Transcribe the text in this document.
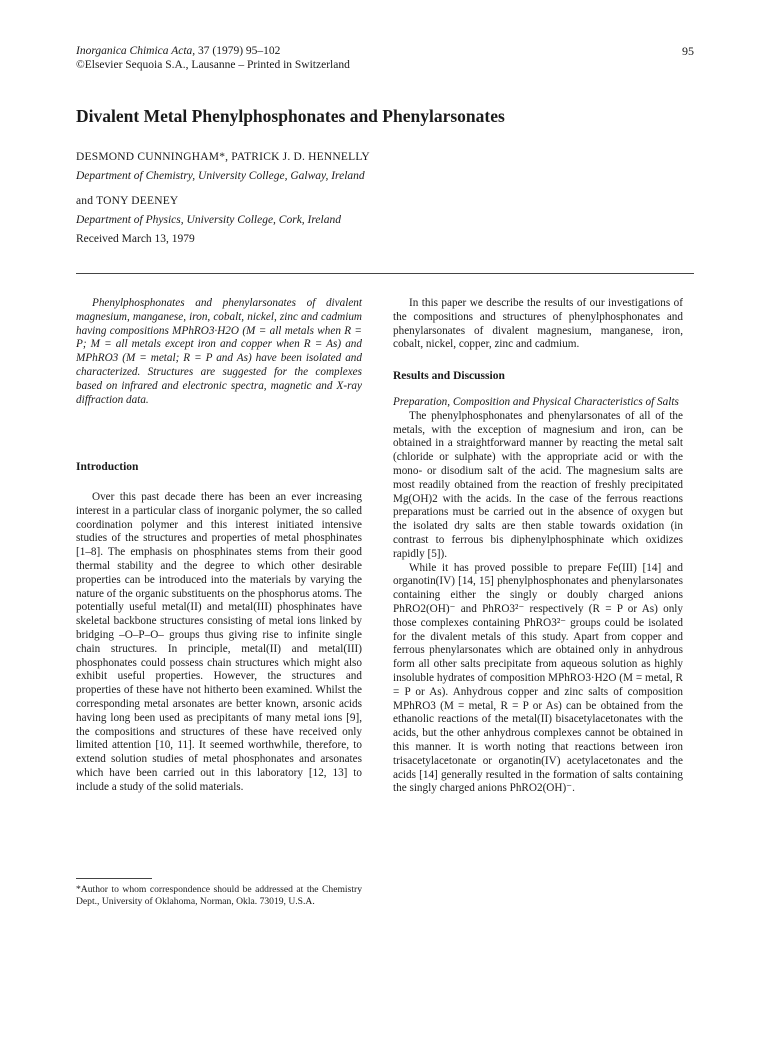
Inorganica Chimica Acta, 37 (1979) 95–102
©Elsevier Sequoia S.A., Lausanne – Printed in Switzerland
95
Divalent Metal Phenylphosphonates and Phenylarsonates
DESMOND CUNNINGHAM*, PATRICK J. D. HENNELLY
Department of Chemistry, University College, Galway, Ireland
and TONY DEENEY
Department of Physics, University College, Cork, Ireland
Received March 13, 1979

Phenylphosphonates and phenylarsonates of divalent magnesium, manganese, iron, cobalt, nickel, zinc and cadmium having compositions MPhRO3·H2O (M = all metals when R = P; M = all metals except iron and copper when R = As) and MPhRO3 (M = metal; R = P and As) have been isolated and characterized. Structures are suggested for the complexes based on infrared and electronic spectra, magnetic and X-ray diffraction data.

Introduction

Over this past decade there has been an ever increasing interest in a particular class of inorganic polymer, the so called coordination polymer and this interest initiated intensive studies of the structures and properties of metal phosphinates [1–8]. The emphasis on phosphinates stems from their good thermal stability and the degree to which other desirable properties can be introduced into the materials by varying the nature of the organic substituents on the phosphorus atoms. The potentially useful metal(II) and metal(III) phosphinates have skeletal backbone structures consisting of metal ions linked by bridging –O–P–O– groups thus giving rise to infinite single chain structures. In principle, metal(II) and metal(III) phosphonates could possess chain structures which might also exhibit useful properties. However, the structures and properties of these have not hitherto been examined. Whilst the corresponding metal arsonates are better known, arsonic acids having long been used as precipitants of many metal ions [9], the compositions and structures of these have received only limited attention [10, 11]. It seemed worthwhile, therefore, to extend solution studies of metal phosphonates and arsonates which have been carried out in this laboratory [12, 13] to include a study of the solid materials.

*Author to whom correspondence should be addressed at the Chemistry Dept., University of Oklahoma, Norman, Okla. 73019, U.S.A.

In this paper we describe the results of our investigations of the compositions and structures of phenylphosphonates and phenylarsonates of divalent magnesium, manganese, iron, cobalt, nickel, copper, zinc and cadmium.

Results and Discussion
Preparation, Composition and Physical Characteristics of Salts

The phenylphosphonates and phenylarsonates of all of the metals, with the exception of magnesium and iron, can be obtained in a straightforward manner by reacting the metal salt (chloride or sulphate) with the appropriate acid or with the mono- or disodium salt of the acid. The magnesium salts are most readily obtained from the reaction of freshly precipitated Mg(OH)2 with the acids. In the case of the ferrous reactions preparations must be carried out in the absence of oxygen but the isolated dry salts are then stable towards oxidation (in contrast to ferrous bis diphenylphosphinate which oxidizes rapidly [5]).

While it has proved possible to prepare Fe(III) [14] and organotin(IV) [14, 15] phenylphosphonates and phenylarsonates containing either the singly or doubly charged anions PhRO2(OH)⁻ and PhRO3²⁻ respectively (R = P or As) only those complexes containing PhRO3²⁻ groups could be isolated for the divalent metals of this study. Apart from copper and ferrous phenylarsonates which are obtained only in anhydrous form all other salts precipitate from aqueous solution as highly insoluble hydrates of composition MPhRO3·H2O (M = metal, R = P or As). Anhydrous copper and zinc salts of composition MPhRO3 (M = metal, R = P or As) can be obtained from the ethanolic reactions of the metal(II) bisacetylacetonates with the acids, but the other anhydrous complexes cannot be obtained in this manner. It is worth noting that reactions between iron trisacetylacetonate or organotin(IV) acetylacetonates and the acids [14] generally resulted in the formation of salts containing the singly charged anions PhRO2(OH)⁻.
